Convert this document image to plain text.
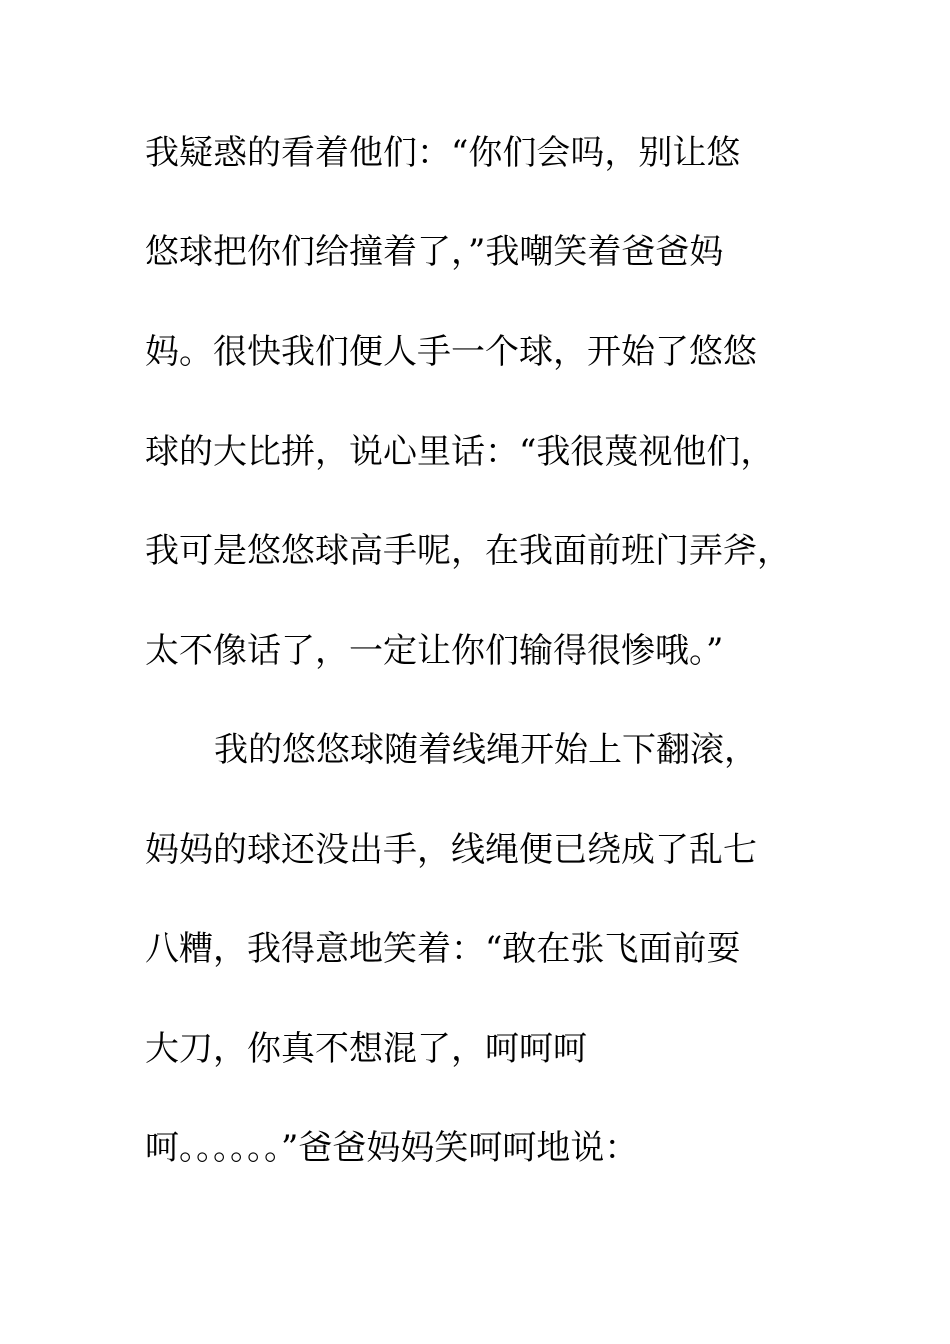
我疑惑的看着他们：“你们会吗，别让悠
悠球把你们给撞着了，”我嘲笑着爸爸妈
妈。很快我们便人手一个球，开始了悠悠
球的大比拼，说心里话：“我很蔑视他们，
我可是悠悠球高手呢，在我面前班门弄斧，
太不像话了，一定让你们输得很惨哦。”
我的悠悠球随着线绳开始上下翻滚，
妈妈的球还没出手，线绳便已绕成了乱七
八糟，我得意地笑着：“敢在张飞面前耍
大刀，你真不想混了，呵呵呵
呵。。。。。。”爸爸妈妈笑呵呵地说：
